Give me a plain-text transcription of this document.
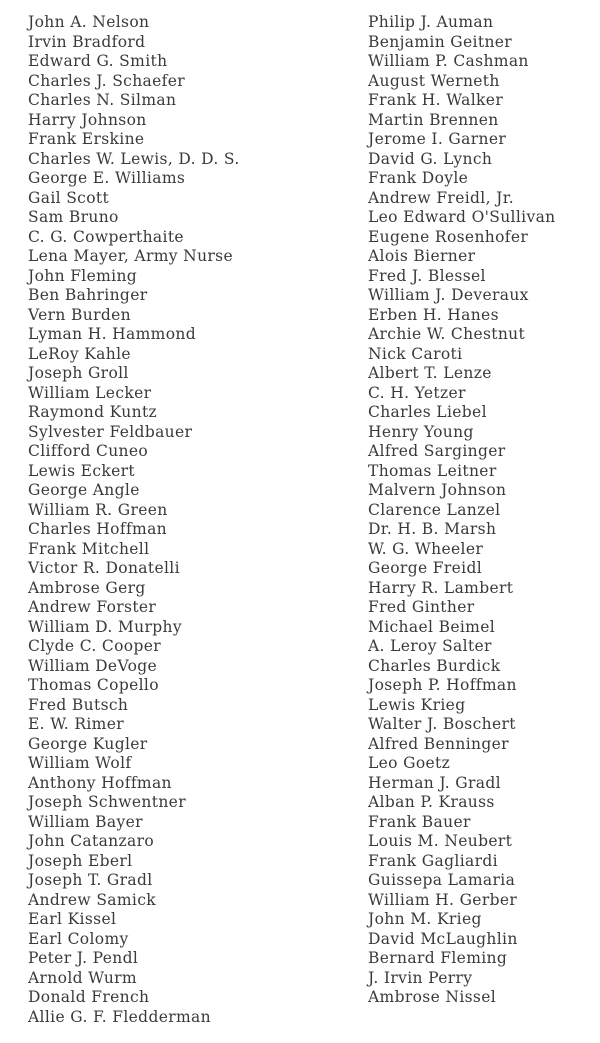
John A. Nelson
Irvin Bradford
Edward G. Smith
Charles J. Schaefer
Charles N. Silman
Harry Johnson
Frank Erskine
Charles W. Lewis, D. D. S.
George E. Williams
Gail Scott
Sam Bruno
C. G. Cowperthaite
Lena Mayer, Army Nurse
John Fleming
Ben Bahringer
Vern Burden
Lyman H. Hammond
LeRoy Kahle
Joseph Groll
William Lecker
Raymond Kuntz
Sylvester Feldbauer
Clifford Cuneo
Lewis Eckert
George Angle
William R. Green
Charles Hoffman
Frank Mitchell
Victor R. Donatelli
Ambrose Gerg
Andrew Forster
William D. Murphy
Clyde C. Cooper
William DeVoge
Thomas Copello
Fred Butsch
E. W. Rimer
George Kugler
William Wolf
Anthony Hoffman
Joseph Schwentner
William Bayer
John Catanzaro
Joseph Eberl
Joseph T. Gradl
Andrew Samick
Earl Kissel
Earl Colomy
Peter J. Pendl
Arnold Wurm
Donald French
Allie G. F. Fledderman
Philip J. Auman
Benjamin Geitner
William P. Cashman
August Werneth
Frank H. Walker
Martin Brennen
Jerome I. Garner
David G. Lynch
Frank Doyle
Andrew Freidl, Jr.
Leo Edward O'Sullivan
Eugene Rosenhofer
Alois Bierner
Fred J. Blessel
William J. Deveraux
Erben H. Hanes
Archie W. Chestnut
Nick Caroti
Albert T. Lenze
C. H. Yetzer
Charles Liebel
Henry Young
Alfred Sarginger
Thomas Leitner
Malvern Johnson
Clarence Lanzel
Dr. H. B. Marsh
W. G. Wheeler
George Freidl
Harry R. Lambert
Fred Ginther
Michael Beimel
A. Leroy Salter
Charles Burdick
Joseph P. Hoffman
Lewis Krieg
Walter J. Boschert
Alfred Benninger
Leo Goetz
Herman J. Gradl
Alban P. Krauss
Frank Bauer
Louis M. Neubert
Frank Gagliardi
Guissepa Lamaria
William H. Gerber
John M. Krieg
David McLaughlin
Bernard Fleming
J. Irvin Perry
Ambrose Nissel
